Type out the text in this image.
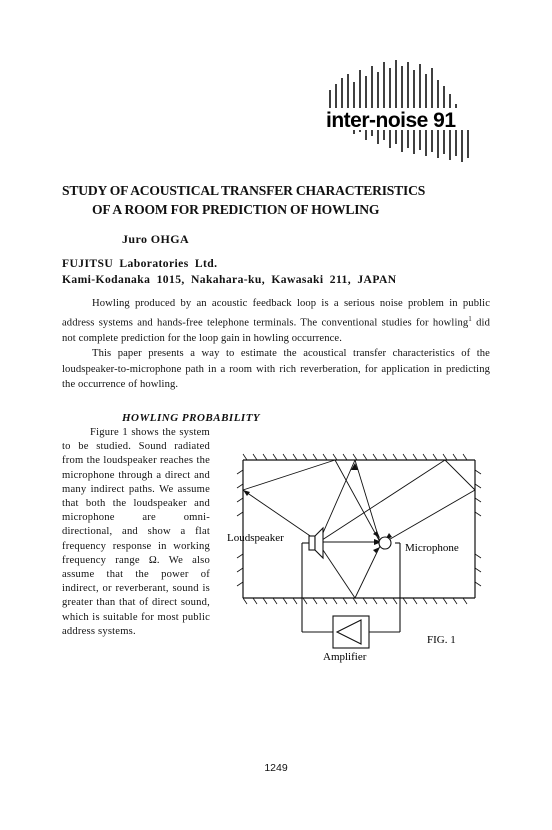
inter-noise 91
STUDY OF ACOUSTICAL TRANSFER CHARACTERISTICS
OF A ROOM FOR PREDICTION OF HOWLING
Juro OHGA
FUJITSU Laboratories Ltd.
Kami-Kodanaka 1015, Nakahara-ku, Kawasaki 211, JAPAN

Howling produced by an acoustic feedback loop is a serious noise problem in public address systems and hands-free telephone terminals. The conventional studies for howling$^1$ did not complete prediction for the loop gain in howling occurrence.

This paper presents a way to estimate the acoustical transfer characteristics of the loudspeaker-to-microphone path in a room with rich reverberation, for application in predicting the occurrence of howling.

HOWLING PROBABILITY

Figure 1 shows the system to be studied. Sound radiated from the loudspeaker reaches the microphone through a direct and many indirect paths. We assume that both the loudspeaker and microphone are omni-directional, and show a flat frequency response in working frequency range Ω. We also assume that the power of indirect, or reverberant, sound is greater than that of direct sound, which is suitable for most public address systems.

Loudspeaker
Microphone
Amplifier
FIG. 1
1249
